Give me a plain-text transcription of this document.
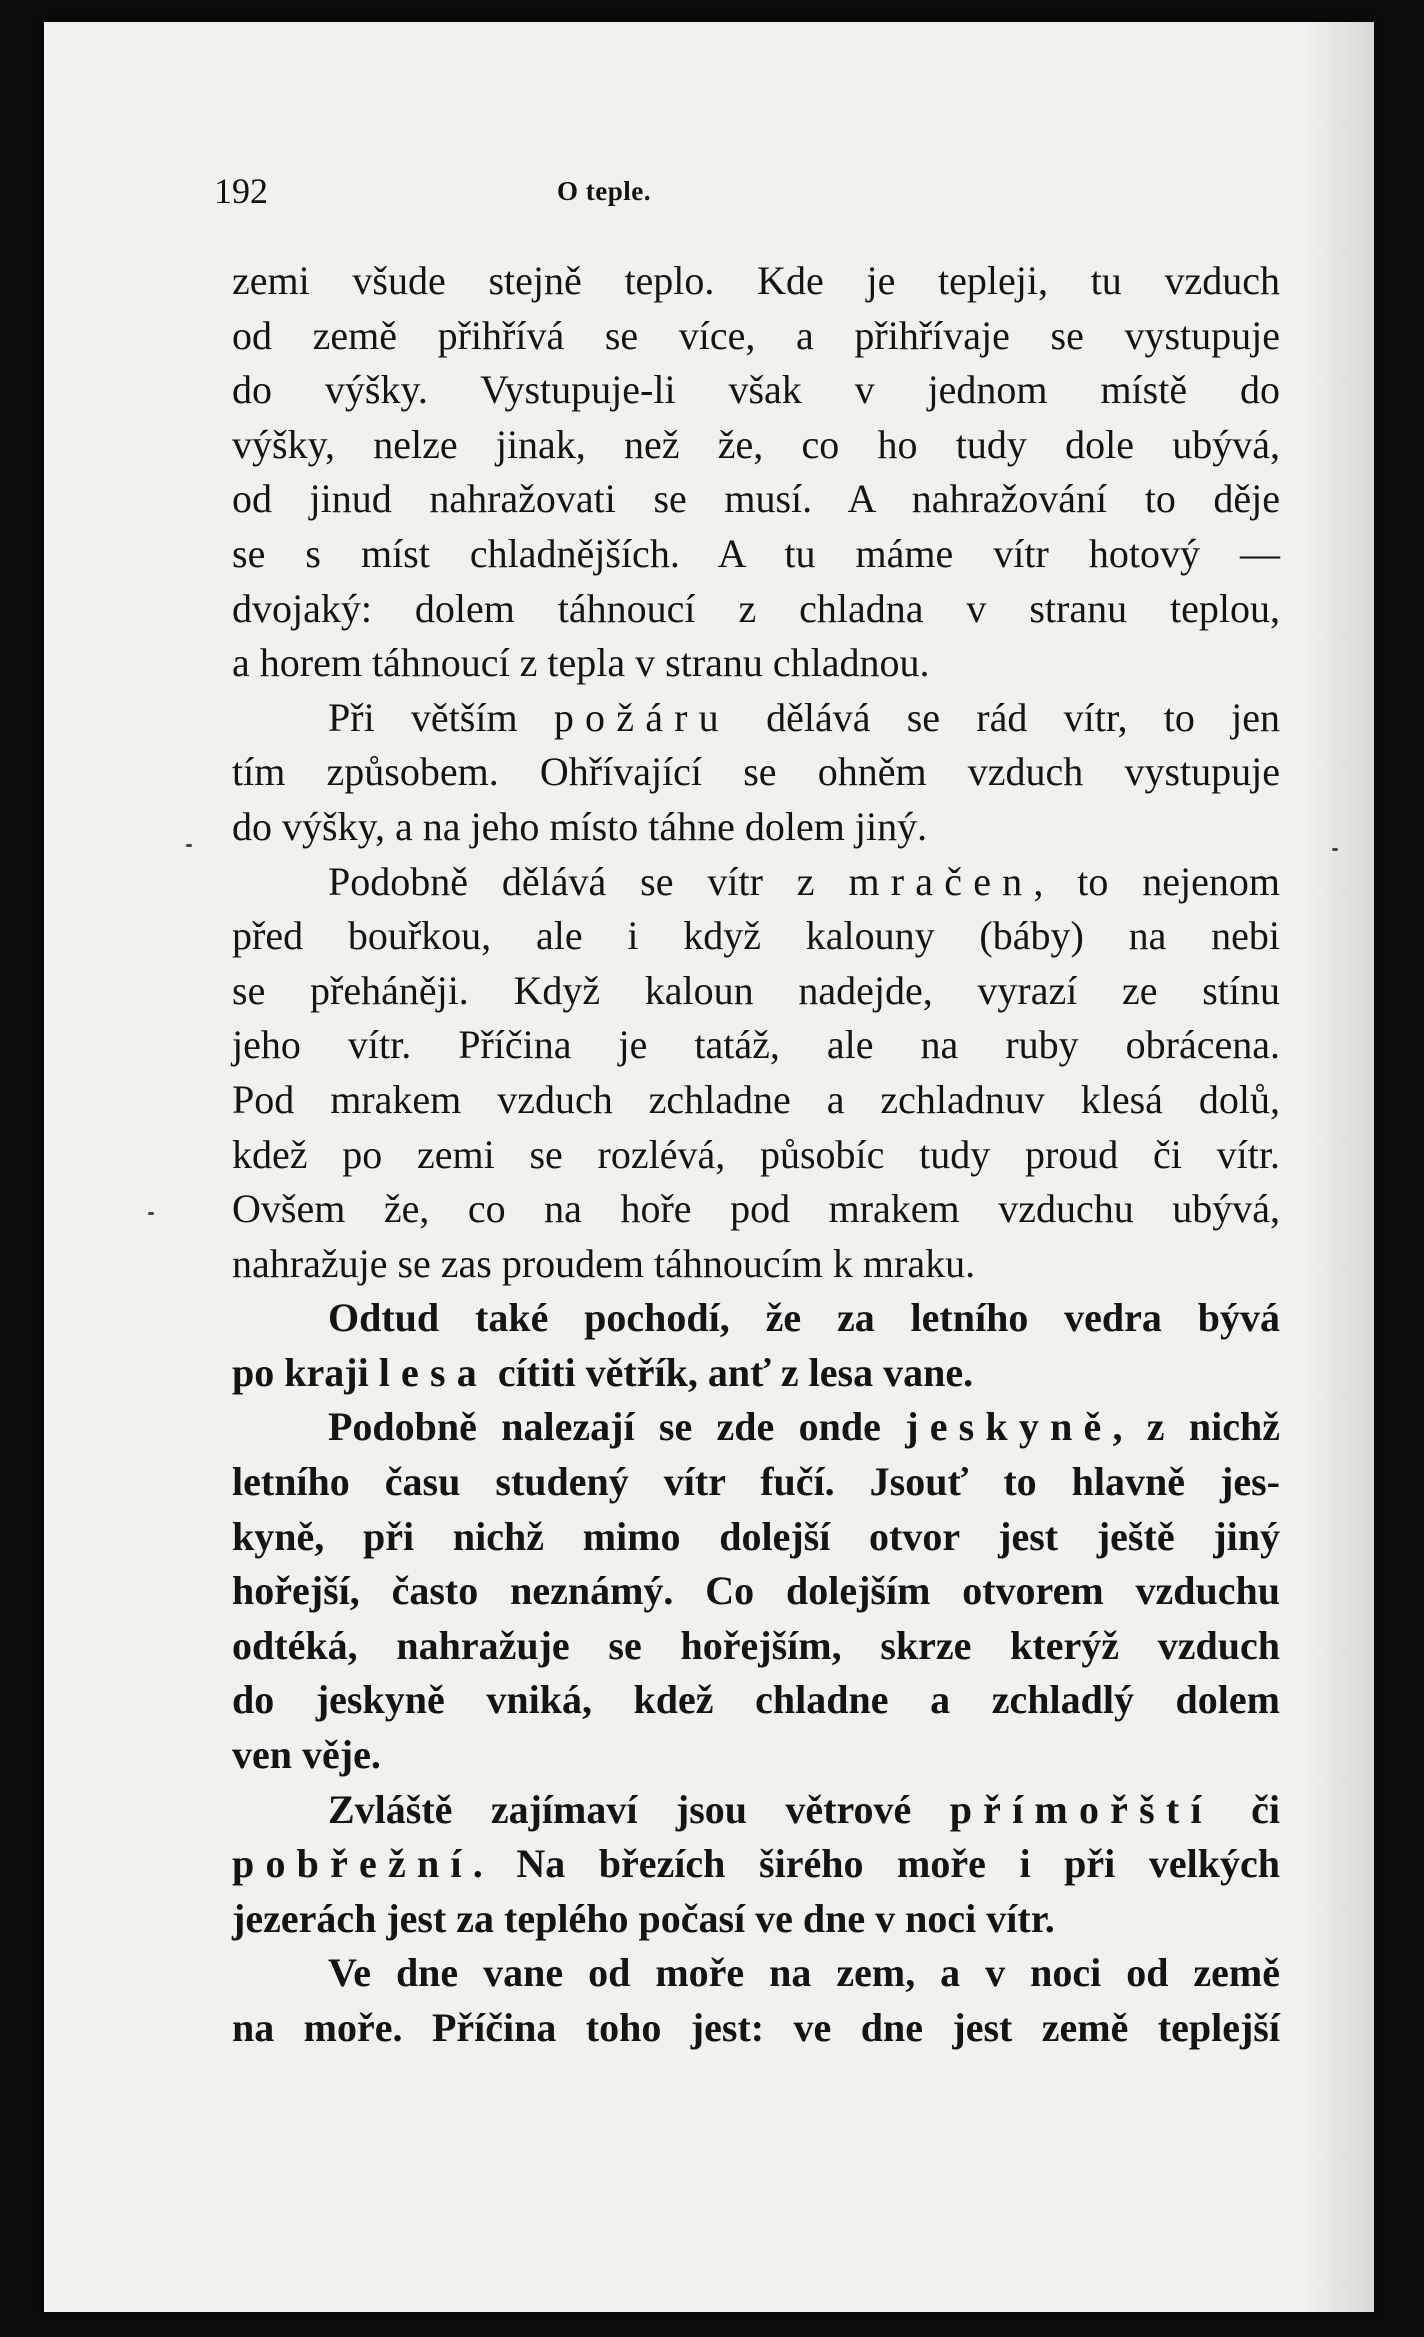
192	O teple.
zemi všude stejně teplo. Kde je tepleji, tu vzduch
od země přihřívá se více, a přihřívaje se vystupuje
do výšky. Vystupuje-li však v jednom místě do
výšky, nelze jinak, než že, co ho tudy dole ubývá,
od jinud nahražovati se musí. A nahražování to děje
se s míst chladnějších. A tu máme vítr hotový —
dvojaký: dolem táhnoucí z chladna v stranu teplou,
a horem táhnoucí z tepla v stranu chladnou.
Při větším požáru dělává se rád vítr, to jen
tím způsobem. Ohřívající se ohněm vzduch vystupuje
do výšky, a na jeho místo táhne dolem jiný.
Podobně dělává se vítr z mračen, to nejenom
před bouřkou, ale i když kalouny (báby) na nebi
se přeháněji. Když kaloun nadejde, vyrazí ze stínu
jeho vítr. Příčina je tatáž, ale na ruby obrácena.
Pod mrakem vzduch zchladne a zchladnuv klesá dolů,
kdež po zemi se rozlévá, působíc tudy proud či vítr.
Ovšem že, co na hoře pod mrakem vzduchu ubývá,
nahražuje se zas proudem táhnoucím k mraku.
Odtud také pochodí, že za letního vedra bývá
po kraji lesa cítiti větřík, anť z lesa vane.
Podobně nalezají se zde onde jeskyně, z nichž
letního času studený vítr fučí. Jsouť to hlavně jes-
kyně, při nichž mimo dolejší otvor jest ještě jiný
hořejší, často neznámý. Co dolejším otvorem vzduchu
odtéká, nahražuje se hořejším, skrze kterýž vzduch
do jeskyně vniká, kdež chladne a zchladlý dolem
ven věje.
Zvláště zajímaví jsou větrové přímořští či
pobřežní. Na březích širého moře i při velkých
jezerách jest za teplého počasí ve dne v noci vítr.
Ve dne vane od moře na zem, a v noci od země
na moře. Příčina toho jest: ve dne jest země teplejší
